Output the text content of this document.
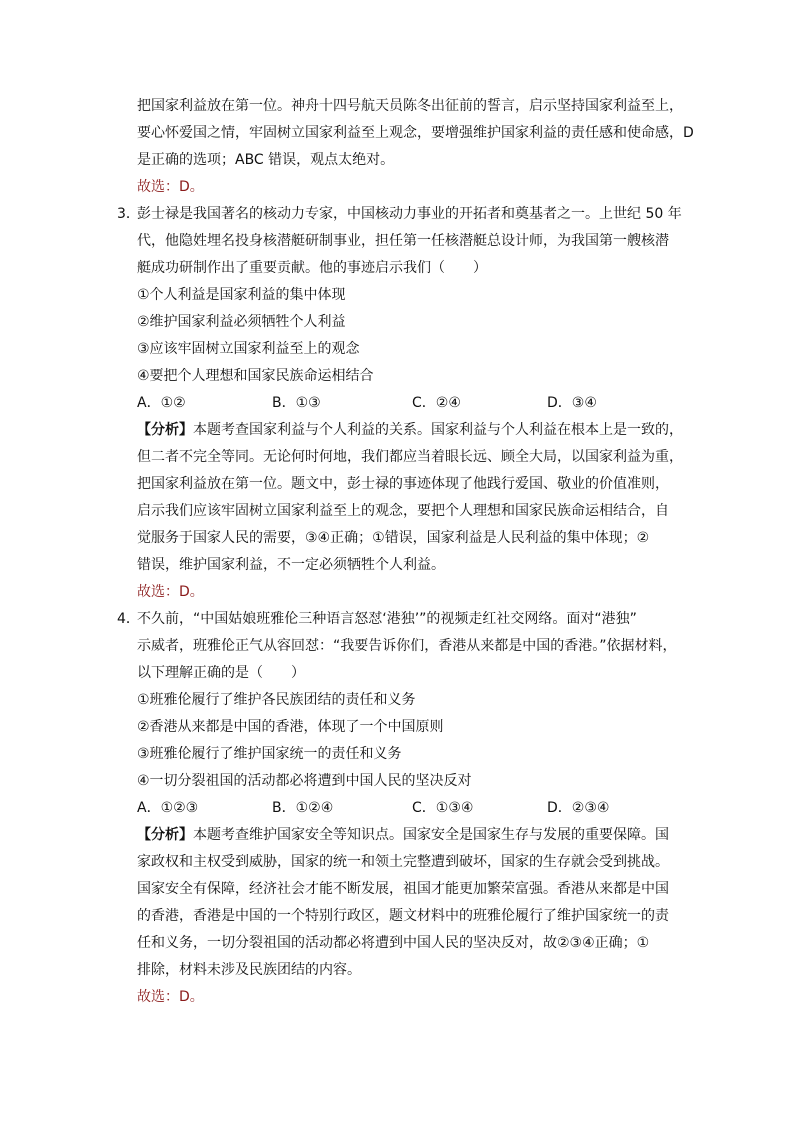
把国家利益放在第一位。神舟十四号航天员陈冬出征前的誓言，启示坚持国家利益至上，
要心怀爱国之情，牢固树立国家利益至上观念，要增强维护国家利益的责任感和使命感，D
是正确的选项；ABC 错误，观点太绝对。
故选：D。
3．
彭士禄是我国著名的核动力专家，中国核动力事业的开拓者和奠基者之一。上世纪 50 年
代，他隐姓埋名投身核潜艇研制事业，担任第一任核潜艇总设计师，为我国第一艘核潜
艇成功研制作出了重要贡献。他的事迹启示我们（　　）
①个人利益是国家利益的集中体现
②维护国家利益必须牺牲个人利益
③应该牢固树立国家利益至上的观念
④要把个人理想和国家民族命运相结合
A．①②	B．①③	C．②④	D．③④
【分析】本题考查国家利益与个人利益的关系。国家利益与个人利益在根本上是一致的，
但二者不完全等同。无论何时何地，我们都应当着眼长远、顾全大局，以国家利益为重，
把国家利益放在第一位。题文中，彭士禄的事迹体现了他践行爱国、敬业的价值准则，
启示我们应该牢固树立国家利益至上的观念，要把个人理想和国家民族命运相结合，自
觉服务于国家人民的需要，③④正确；①错误，国家利益是人民利益的集中体现；②
错误，维护国家利益，不一定必须牺牲个人利益。
故选：D。
4．
不久前，“中国姑娘班雅伦三种语言怒怼‘港独’”的视频走红社交网络。面对“港独”
示威者，班雅伦正气从容回怼：“我要告诉你们，香港从来都是中国的香港。”依据材料，
以下理解正确的是（　　）
①班雅伦履行了维护各民族团结的责任和义务
②香港从来都是中国的香港，体现了一个中国原则
③班雅伦履行了维护国家统一的责任和义务
④一切分裂祖国的活动都必将遭到中国人民的坚决反对
A．①②③	B．①②④	C．①③④	D．②③④
【分析】本题考查维护国家安全等知识点。国家安全是国家生存与发展的重要保障。国
家政权和主权受到威胁，国家的统一和领土完整遭到破坏，国家的生存就会受到挑战。
国家安全有保障，经济社会才能不断发展，祖国才能更加繁荣富强。香港从来都是中国
的香港，香港是中国的一个特别行政区，题文材料中的班雅伦履行了维护国家统一的责
任和义务，一切分裂祖国的活动都必将遭到中国人民的坚决反对，故②③④正确；①
排除，材料未涉及民族团结的内容。
故选：D。
